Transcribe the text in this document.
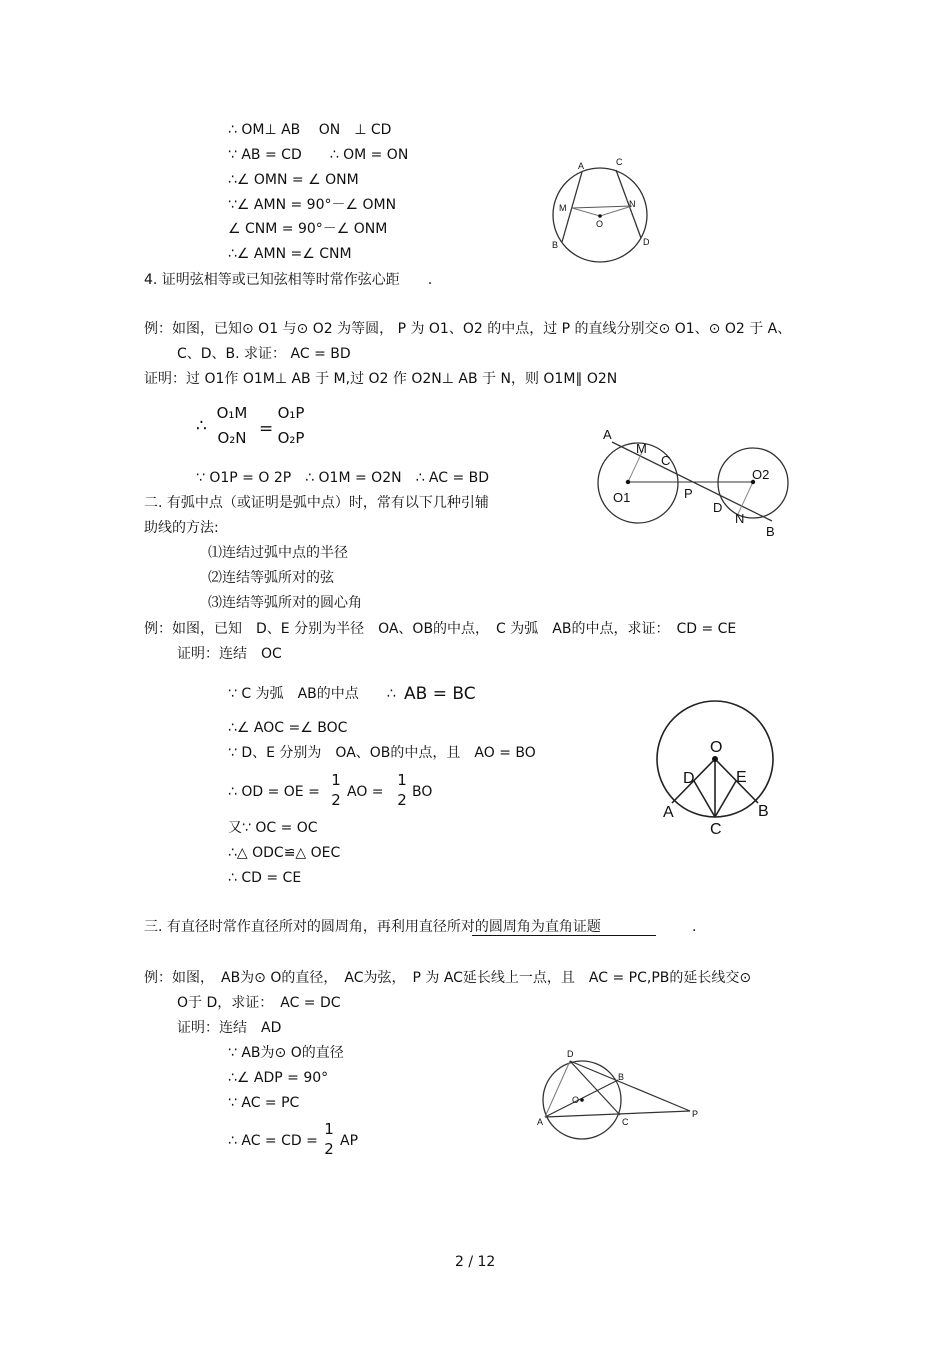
∴ OM⊥ AB　 ON　⊥ CD
∵ AB = CD　　∴ OM = ON
∴∠ OMN = ∠ ONM
∵∠ AMN = 90°－∠ OMN
∠ CNM = 90°－∠ ONM
∴∠ AMN =∠ CNM
A	C
M	N
O
B	D
4. 证明弦相等或已知弦相等时常作弦心距　　.
例：如图，已知⊙ O1 与⊙ O2 为等圆， P 为 O1、O2 的中点，过 P 的直线分别交⊙ O1、⊙ O2 于 A、
C、D、B. 求证： AC = BD
证明：过 O1作 O1M⊥ AB 于 M,过 O2 作 O2N⊥ AB 于 N，则 O1M∥ O2N
∴
O₁M
O₂N =
O₁P
O₂P
∵ O1P = O 2P　∴ O1M = O2N　∴ AC = BD
A
M
C
O1	P
D
N
O2
B
二. 有弧中点（或证明是弧中点）时，常有以下几种引辅
助线的方法:
⑴连结过弧中点的半径
⑵连结等弧所对的弦
⑶连结等弧所对的圆心角
例：如图，已知　D、E 分别为半径　OA、OB的中点，　C 为弧　AB的中点，求证：　CD = CE
证明：连结　OC
∵ C 为弧　AB的中点　　∴ AB = BC
∴∠ AOC =∠ BOC
∵ D、E 分别为　OA、OB的中点，且　AO = BO
∴ OD = OE =
1
2 AO =
1
2 BO
又∵ OC = OC
∴△ ODC≌△ OEC
∴ CD = CE
O
D	E
A	B
C
三. 有直径时常作直径所对的圆周角，再利用直径所对的圆周角为直角证题	.
例：如图，　AB为⊙ O的直径，　AC为弦，　P 为 AC延长线上一点，且　AC = PC,PB的延长线交⊙
O于 D，求证：　AC = DC
证明：连结　AD
∵ AB为⊙ O的直径
∴∠ ADP = 90°
∵ AC = PC
∴ AC = CD =
1
2 AP
D
B
O
A	C
P
2 / 12
